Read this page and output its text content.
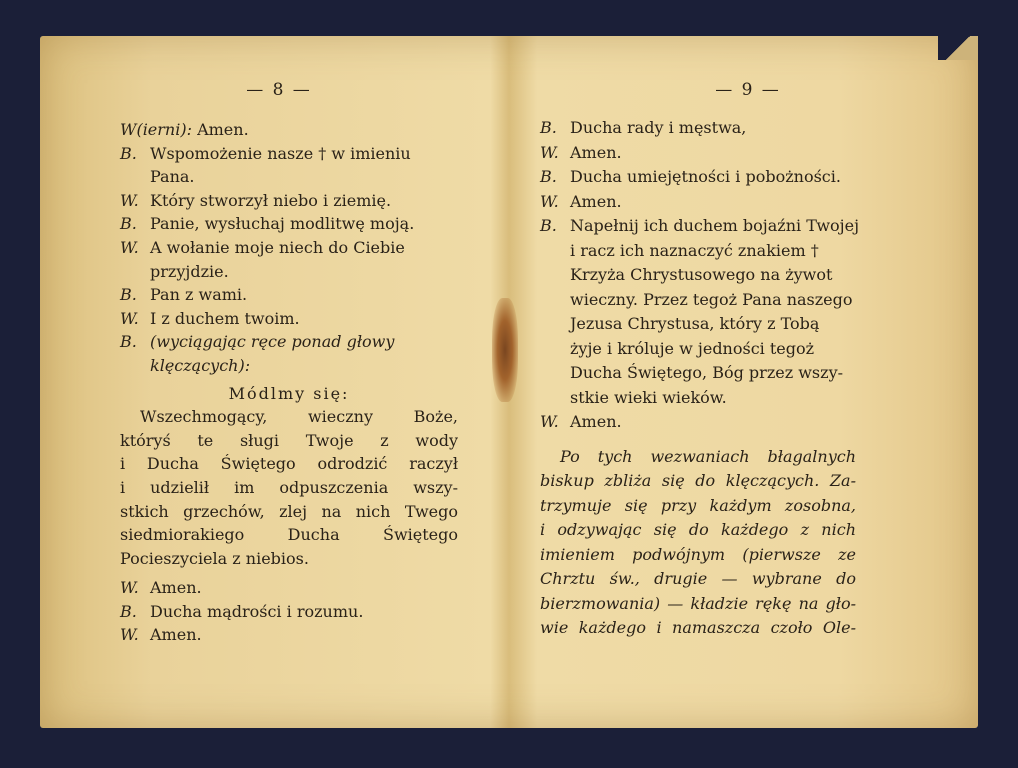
— 8 —
W(ierni): Amen.
B. Wspomożenie nasze † w imieniu
Pana.
W. Który stworzył niebo i ziemię.
B. Panie, wysłuchaj modlitwę moją.
W. A wołanie moje niech do Ciebie
przyjdzie.
B. Pan z wami.
W. I z duchem twoim.
B. (wyciągając ręce ponad głowy
klęczących):
Módlmy się:
Wszechmogący, wieczny Boże,
któryś te sługi Twoje z wody
i Ducha Świętego odrodzić raczył
i udzielił im odpuszczenia wszy-
stkich grzechów, zlej na nich Twego
siedmiorakiego Ducha Świętego
Pocieszyciela z niebios.
W. Amen.
B. Ducha mądrości i rozumu.
W. Amen.
— 9 —
B. Ducha rady i męstwa,
W. Amen.
B. Ducha umiejętności i pobożności.
W. Amen.
B. Napełnij ich duchem bojaźni Twojej
i racz ich naznaczyć znakiem †
Krzyża Chrystusowego na żywot
wieczny. Przez tegoż Pana naszego
Jezusa Chrystusa, który z Tobą
żyje i króluje w jedności tegoż
Ducha Świętego, Bóg przez wszy-
stkie wieki wieków.
W. Amen.
Po tych wezwaniach błagalnych
biskup zbliża się do klęczących. Za-
trzymuje się przy każdym zosobna,
i odzywając się do każdego z nich
imieniem podwójnym (pierwsze ze
Chrztu św., drugie — wybrane do
bierzmowania) — kładzie rękę na gło-
wie każdego i namaszcza czoło Ole-
